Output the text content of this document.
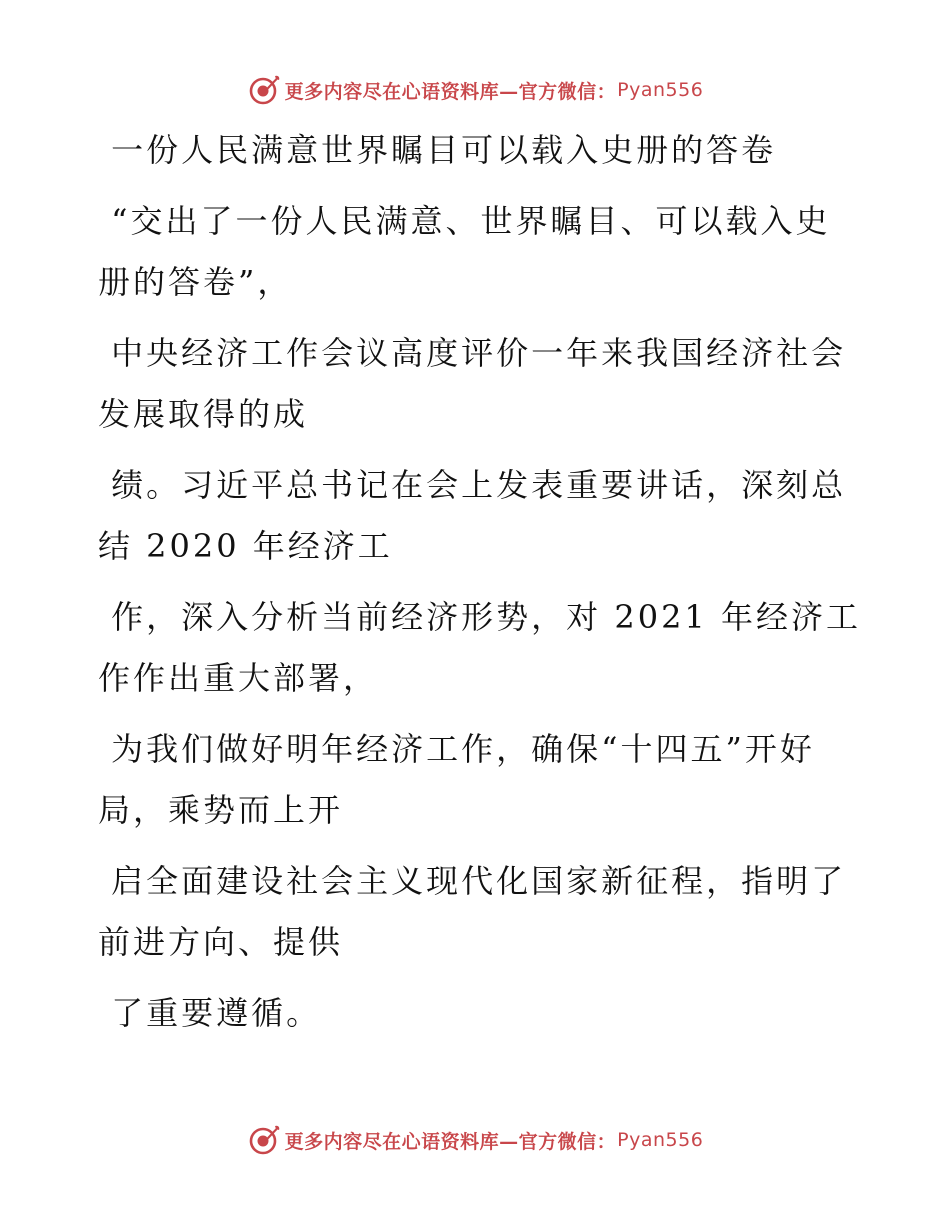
更多内容尽在心语资料库—官方微信： Pyan556
一份人民满意世界瞩目可以载入史册的答卷
“交出了一份人民满意、世界瞩目、可以载入史
册的答卷”，
中央经济工作会议高度评价一年来我国经济社会
发展取得的成
绩。习近平总书记在会上发表重要讲话，深刻总
结 2020 年经济工
作，深入分析当前经济形势，对 2021 年经济工
作作出重大部署，
为我们做好明年经济工作，确保“十四五”开好
局，乘势而上开
启全面建设社会主义现代化国家新征程，指明了
前进方向、提供
了重要遵循。
更多内容尽在心语资料库—官方微信： Pyan556
